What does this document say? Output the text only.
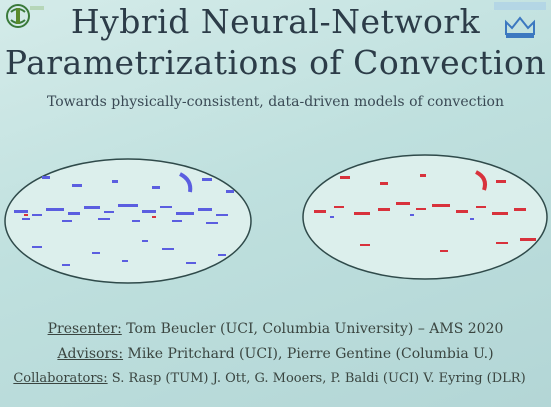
Hybrid Neural-Network
Parametrizations of Convection
Towards physically-consistent, data-driven models of convection
Presenter: Tom Beucler (UCI, Columbia University) – AMS 2020
Advisors: Mike Pritchard (UCI), Pierre Gentine (Columbia U.)
Collaborators: S. Rasp (TUM) J. Ott, G. Mooers, P. Baldi (UCI) V. Eyring (DLR)
